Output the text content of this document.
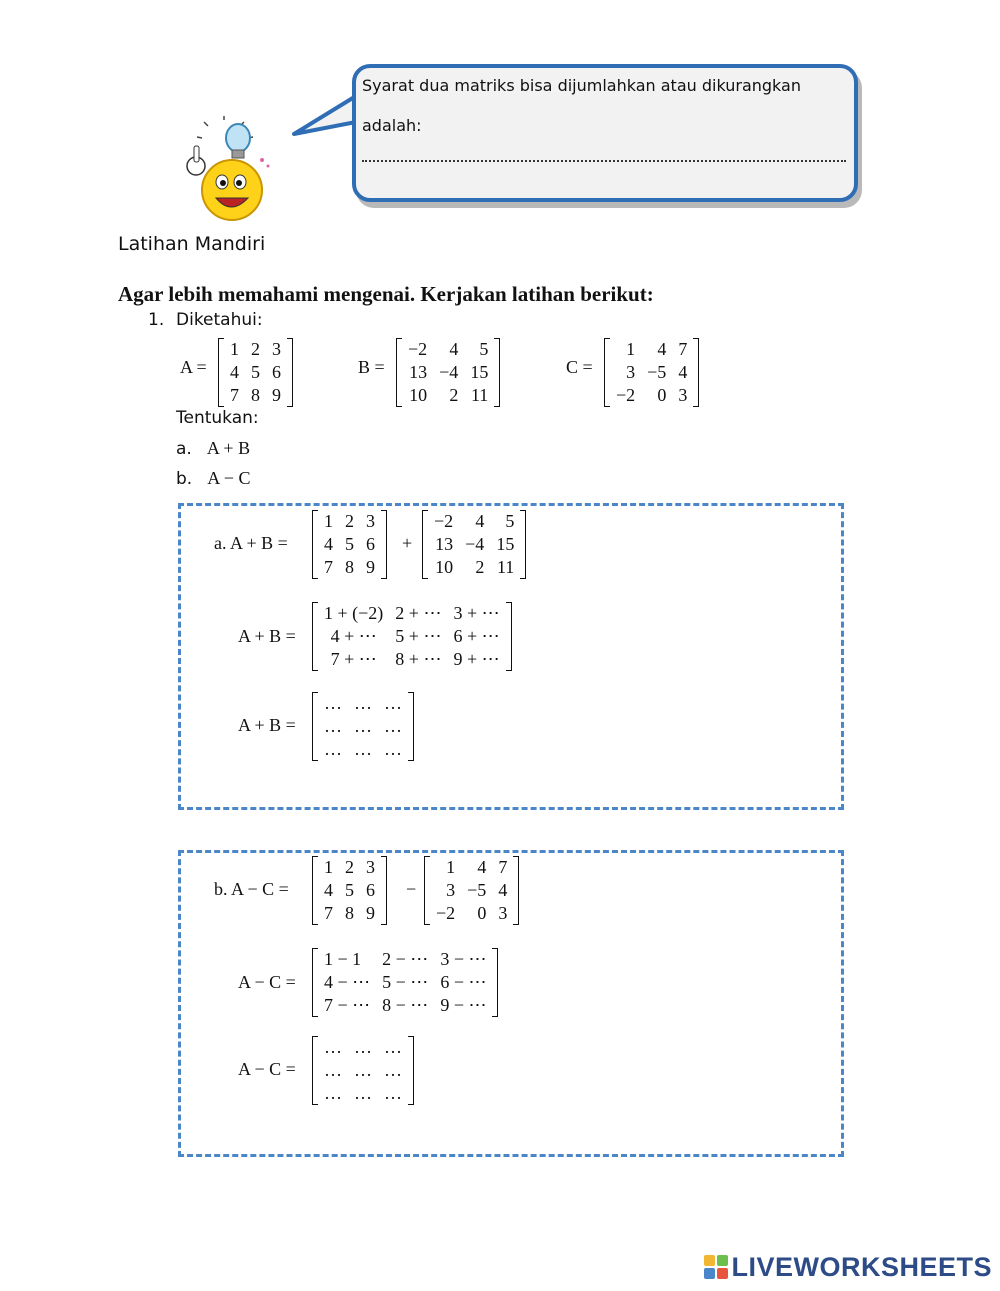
Syarat dua matriks bisa dijumlahkan atau dikurangkan
adalah:
Latihan Mandiri
Agar lebih memahami mengenai. Kerjakan latihan berikut:
1. Diketahui:
A =
1	2	3
4	5	6
7	8	9
B =
−2	4	5
13	−4	15
10	2	11
C =
1	4	7
3	−5	4
−2	0	3
Tentukan:
a. A + B
b. A − C
a. A + B =
1	2	3
4	5	6
7	8	9
+
−2	4	5
13	−4	15
10	2	11
A + B =
1 + (−2)	2 + ⋯	3 + ⋯
4 + ⋯	5 + ⋯	6 + ⋯
7 + ⋯	8 + ⋯	9 + ⋯
A + B =
…	…	…
…	…	…
…	…	…
b. A − C =
1	2	3
4	5	6
7	8	9
−
1	4	7
3	−5	4
−2	0	3
A − C =
1 − 1	2 − ⋯	3 − ⋯
4 − ⋯	5 − ⋯	6 − ⋯
7 − ⋯	8 − ⋯	9 − ⋯
A − C =
…	…	…
…	…	…
…	…	…
LIVEWORKSHEETS
